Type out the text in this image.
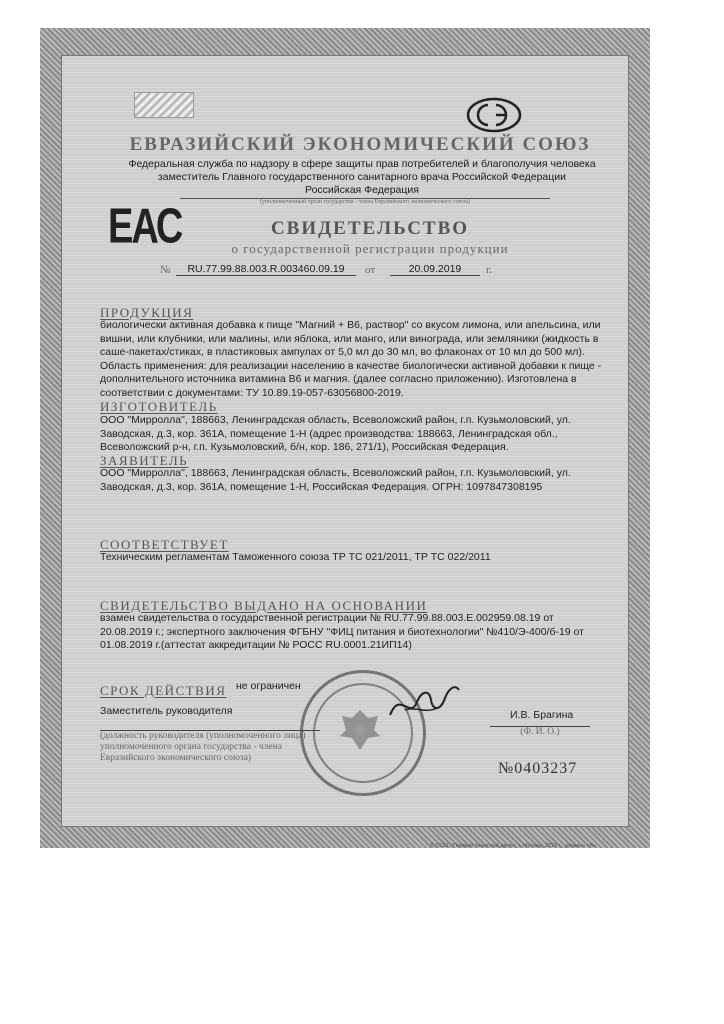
ЕВРАЗИЙСКИЙ ЭКОНОМИЧЕСКИЙ СОЮЗ
Федеральная служба по надзору в сфере защиты прав потребителей и благополучия человека
заместитель Главного государственного санитарного врача Российской Федерации
Российская Федерация
(уполномоченный орган государства - члена Евразийского экономического союза)
ЕАС	СВИДЕТЕЛЬСТВО
о государственной регистрации продукции
№	RU.77.99.88.003.R.003460.09.19	от	20.09.2019	г.
ПРОДУКЦИЯ
биологически активная добавка к пище "Магний + В6, раствор" со вкусом лимона, или апельсина, или вишни, или клубники, или малины, или яблока, или манго, или винограда, или земляники (жидкость в саше-пакетах/стиках, в пластиковых ампулах от 5,0 мл до 30 мл, во флаконах от 10 мл до 500 мл). Область применения: для реализации населению в качестве биологически активной добавки к пище - дополнительного источника витамина В6 и магния. (далее согласно приложению). Изготовлена в соответствии с документами: ТУ 10.89.19-057-63056800-2019.
ИЗГОТОВИТЕЛЬ
ООО "Мирролла", 188663, Ленинградская область, Всеволожский район, г.п. Кузьмоловский, ул. Заводская, д.3, кор. 361А, помещение 1-Н (адрес производства: 188663, Ленинградская обл., Всеволожский р-н, г.п. Кузьмоловский, б/н, кор. 186, 271/1), Российская Федерация.
ЗАЯВИТЕЛЬ
ООО "Мирролла", 188663, Ленинградская область, Всеволожский район, г.п. Кузьмоловский, ул. Заводская, д.3, кор. 361А, помещение 1-Н, Российская Федерация. ОГРН: 1097847308195
СООТВЕТСТВУЕТ
Техническим регламентам Таможенного союза ТР ТС 021/2011, ТР ТС 022/2011
СВИДЕТЕЛЬСТВО ВЫДАНО НА ОСНОВАНИИ
взамен свидетельства о государственной регистрации № RU.77.99.88.003.E.002959.08.19 от 20.08.2019 г.; экспертного заключения ФГБНУ "ФИЦ питания и биотехнологии" №410/Э-400/б-19 от 01.08.2019 г.(аттестат аккредитации № РОСС RU.0001.21ИП14)
СРОК ДЕЙСТВИЯ не ограничен
Заместитель руководителя	И.В. Брагина
(должность руководителя (уполномоченного лица) уполномоченного органа государства - члена Евразийского экономического союза)
(Ф. И. О.)
№0403237
© ООО «Первый печатный двор», г. Москва, 2019 г., уровень «В».
